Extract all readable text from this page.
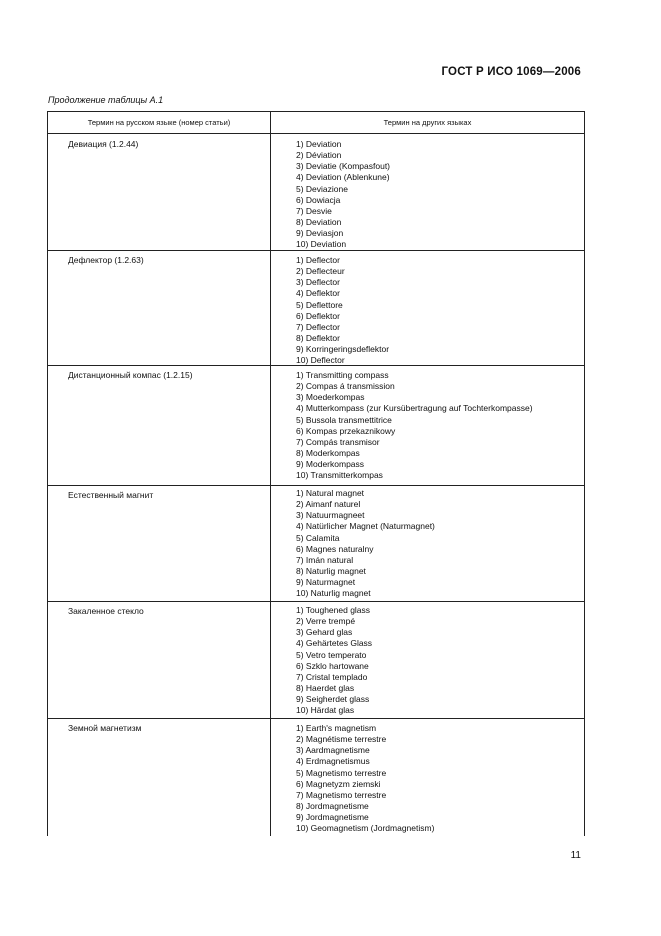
ГОСТ Р ИСО 1069—2006
Продолжение таблицы А.1
Термин на русском языке (номер статьи)	Термин на других языках
Девиация (1.2.44)	1) Deviation
2) Déviation
3) Deviatie (Kompasfout)
4) Deviation (Ablenkune)
5) Deviazione
6) Dowiacja
7) Desvie
8) Deviation
9) Deviasjon
10) Deviation
Дефлектор (1.2.63)	1) Deflector
2) Deflecteur
3) Deflector
4) Deflektor
5) Deflettore
6) Deflektor
7) Deflector
8) Deflektor
9) Korringeringsdeflektor
10) Deflector
Дистанционный компас (1.2.15)	1) Transmitting compass
2) Compas á transmission
3) Moederkompas
4) Mutterkompass (zur Kursübertragung auf Tochterkompasse)
5) Bussola transmettitrice
6) Kompas przekaznikowy
7) Compás transmisor
8) Moderkompas
9) Moderkompass
10) Transmitterkompas
Естественный магнит	1) Natural magnet
2) Aimanf naturel
3) Natuurmagneet
4) Natürlicher Magnet (Naturmagnet)
5) Calamita
6) Magnes naturalny
7) Imán natural
8) Naturlig magnet
9) Naturmagnet
10) Naturlig magnet
Закаленное стекло	1) Toughened glass
2) Verre trempé
3) Gehard glas
4) Gehärtetes Glass
5) Vetro temperato
6) Szklo hartowane
7) Cristal templado
8) Haerdet glas
9) Seigherdet glass
10) Härdat glas
Земной магнетизм	1) Earth's magnetism
2) Magnétisme terrestre
3) Aardmagnetisme
4) Erdmagnetismus
5) Magnetismo terrestre
6) Magnetyzm ziemski
7) Magnetismo terrestre
8) Jordmagnetisme
9) Jordmagnetisme
10) Geomagnetism (Jordmagnetism)
11
